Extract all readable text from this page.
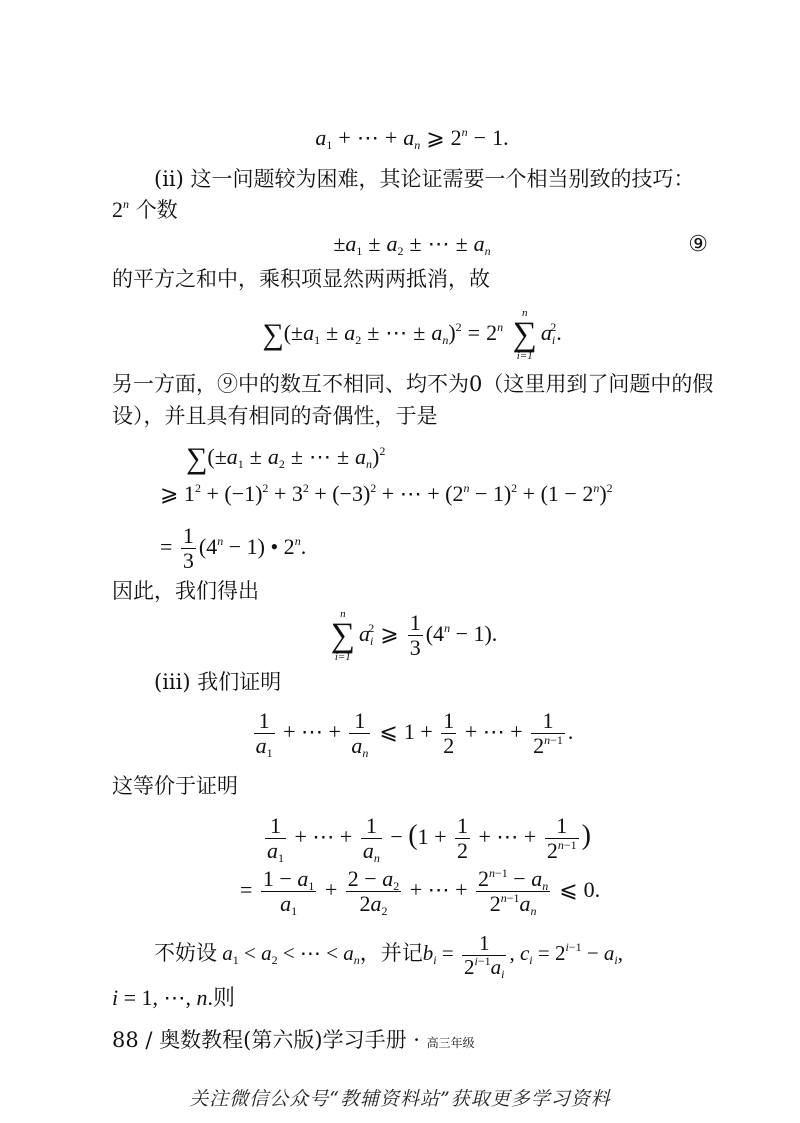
$a_1$ + ⋯ + $a_n$ ⩾ $2^n - 1$.
(ii) 这一问题较为困难，其论证需要一个相当别致的技巧：
2$^n$ 个数
$\pm a_1 \pm a_2$ ± ⋯ ± $a_n$	⑨
的平方之和中，乘积项显然两两抵消，故
$\sum(\pm a_1 \pm a_2$ ± ⋯ ± $a_n)^2 = 2^n$
n
∑
i=1
$a_i^2$.
另一方面，⑨中的数互不相同、均不为0（这里用到了问题中的假
设），并且具有相同的奇偶性，于是
$\sum(\pm a_1 \pm a_2$ ± ⋯ ± $a_n)^2$
⩾ $1^2 + (-1)^2 + 3^2 + (-3)^2$ + ⋯ + $(2^n - 1)^2 + (1 - 2^n)^2$
= $\frac{1}{3} (4^n - 1)$ • 2$^n$.
因此，我们得出
n
∑
i=1
$a_i^2$ ⩾ $\frac{1}{3} (4^n - 1)$.
(iii) 我们证明
$\frac{1}{a_1}$ + ⋯ + $\frac{1}{a_n}$ ⩽ $1 + \frac{1}{2}$ + ⋯ + $\frac{1}{2^{n-1}}$ .
这等价于证明
$\frac{1}{a_1}$ + ⋯ + $\frac{1}{a_n} - (1 + \frac{1}{2}$ + ⋯ + $\frac{1}{2^{n-1}}$ )
= $\frac{1 - a_1}{a_1} + \frac{2 - a_2}{2a_2}$ + ⋯ + $\frac{2^{n-1} - a_n}{2^{n-1}a_n}$ ⩽ 0.
不妨设 $a_1 < a_2$ < ⋯ < $a_n$，并记$b_i = \frac{1}{2^{i-1}a_i}$ , $c_i = 2^{i-1} - a_i$,
i = 1, ⋯, n.则
88 / 奥数教程(第六版)学习手册 · 高三年级
关注微信公众号“教辅资料站”获取更多学习资料
